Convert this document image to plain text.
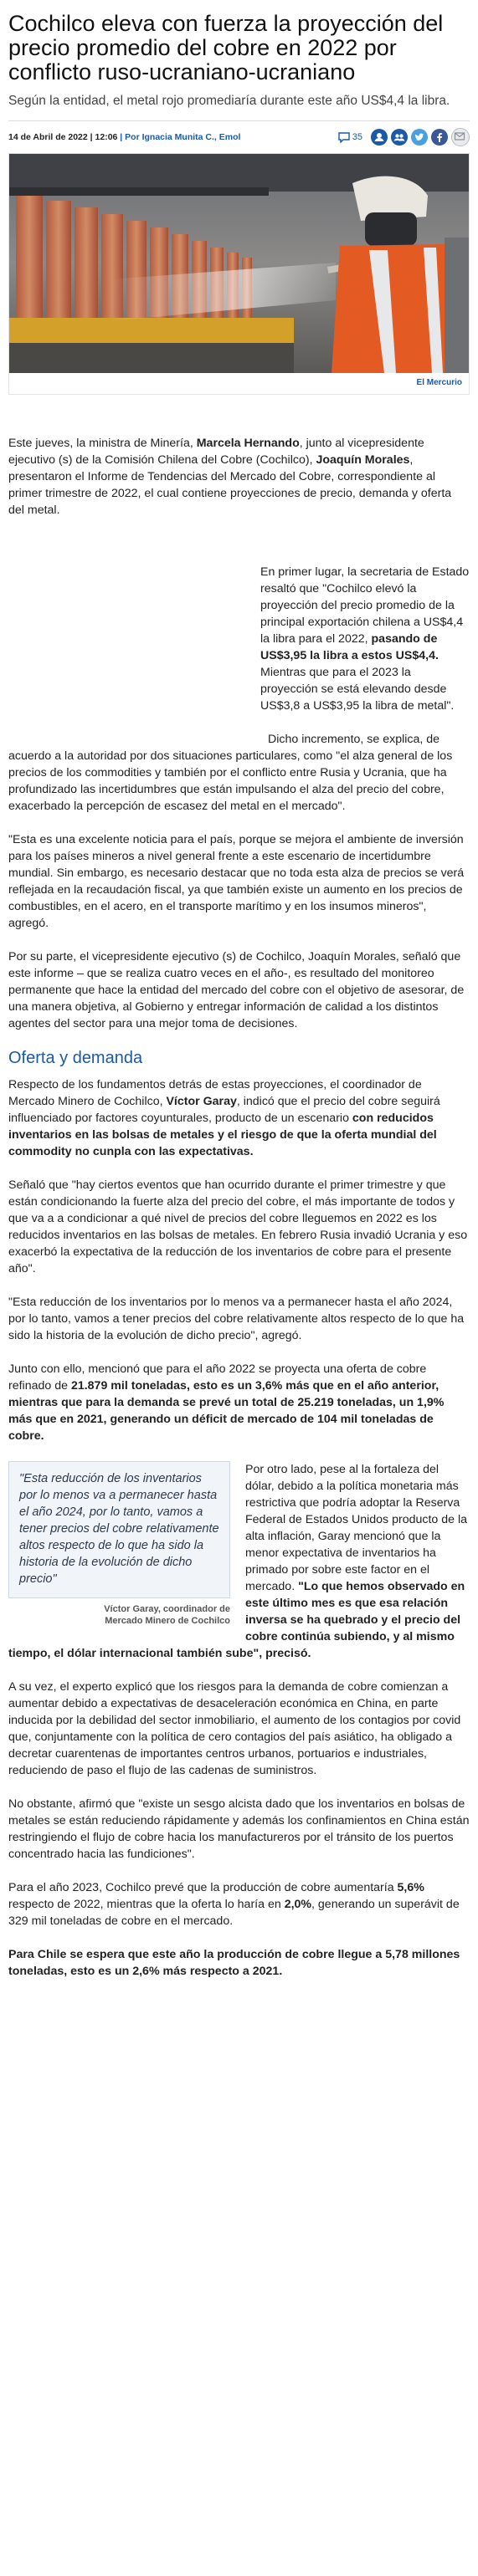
Cochilco eleva con fuerza la proyección del precio promedio del cobre en 2022 por conflicto ruso-ucraniano-ucraniano
Según la entidad, el metal rojo promediaría durante este año US$4,4 la libra.
14 de Abril de 2022 | 12:06 | Por Ignacia Munita C., Emol	35
El Mercurio

Este jueves, la ministra de Minería, Marcela Hernando, junto al vicepresidente ejecutivo (s) de la Comisión Chilena del Cobre (Cochilco), Joaquín Morales, presentaron el Informe de Tendencias del Mercado del Cobre, correspondiente al primer trimestre de 2022, el cual contiene proyecciones de precio, demanda y oferta del metal.

En primer lugar, la secretaria de Estado resaltó que "Cochilco elevó la proyección del precio promedio de la principal exportación chilena a US$4,4 la libra para el 2022, pasando de US$3,95 la libra a estos US$4,4. Mientras que para el 2023 la proyección se está elevando desde US$3,8 a US$3,95 la libra de metal".

Dicho incremento, se explica, de acuerdo a la autoridad por dos situaciones particulares, como "el alza general de los precios de los commodities y también por el conflicto entre Rusia y Ucrania, que ha profundizado las incertidumbres que están impulsando el alza del precio del cobre, exacerbado la percepción de escasez del metal en el mercado".

"Esta es una excelente noticia para el país, porque se mejora el ambiente de inversión para los países mineros a nivel general frente a este escenario de incertidumbre mundial. Sin embargo, es necesario destacar que no toda esta alza de precios se verá reflejada en la recaudación fiscal, ya que también existe un aumento en los precios de combustibles, en el acero, en el transporte marítimo y en los insumos mineros", agregó.

Por su parte, el vicepresidente ejecutivo (s) de Cochilco, Joaquín Morales, señaló que este informe – que se realiza cuatro veces en el año-, es resultado del monitoreo permanente que hace la entidad del mercado del cobre con el objetivo de asesorar, de una manera objetiva, al Gobierno y entregar información de calidad a los distintos agentes del sector para una mejor toma de decisiones.

Oferta y demanda

Respecto de los fundamentos detrás de estas proyecciones, el coordinador de Mercado Minero de Cochilco, Víctor Garay, indicó que el precio del cobre seguirá influenciado por factores coyunturales, producto de un escenario con reducidos inventarios en las bolsas de metales y el riesgo de que la oferta mundial del commodity no cunpla con las expectativas.

Señaló que "hay ciertos eventos que han ocurrido durante el primer trimestre y que están condicionando la fuerte alza del precio del cobre, el más importante de todos y que va a a condicionar a qué nivel de precios del cobre lleguemos en 2022 es los reducidos inventarios en las bolsas de metales. En febrero Rusia invadió Ucrania y eso exacerbó la expectativa de la reducción de los inventarios de cobre para el presente año".

"Esta reducción de los inventarios por lo menos va a permanecer hasta el año 2024, por lo tanto, vamos a tener precios del cobre relativamente altos respecto de lo que ha sido la historia de la evolución de dicho precio", agregó.

Junto con ello, mencionó que para el año 2022 se proyecta una oferta de cobre refinado de 21.879 mil toneladas, esto es un 3,6% más que en el año anterior, mientras que para la demanda se prevé un total de 25.219 toneladas, un 1,9% más que en 2021, generando un déficit de mercado de 104 mil toneladas de cobre.

"Esta reducción de los inventarios por lo menos va a permanecer hasta el año 2024, por lo tanto, vamos a tener precios del cobre relativamente altos respecto de lo que ha sido la historia de la evolución de dicho precio"
Víctor Garay, coordinador de
Mercado Minero de Cochilco

Por otro lado, pese al la fortaleza del dólar, debido a la política monetaria más restrictiva que podría adoptar la Reserva Federal de Estados Unidos producto de la alta inflación, Garay mencionó que la menor expectativa de inventarios ha primado por sobre este factor en el mercado. "Lo que hemos observado en este último mes es que esa relación inversa se ha quebrado y el precio del cobre continúa subiendo, y al mismo tiempo, el dólar internacional también sube", precisó.

A su vez, el experto explicó que los riesgos para la demanda de cobre comienzan a aumentar debido a expectativas de desaceleración económica en China, en parte inducida por la debilidad del sector inmobiliario, el aumento de los contagios por covid que, conjuntamente con la política de cero contagios del país asiático, ha obligado a decretar cuarentenas de importantes centros urbanos, portuarios e industriales, reduciendo de paso el flujo de las cadenas de suministros.

No obstante, afirmó que "existe un sesgo alcista dado que los inventarios en bolsas de metales se están reduciendo rápidamente y además los confinamientos en China están restringiendo el flujo de cobre hacia los manufactureros por el tránsito de los puertos concentrado hacia las fundiciones".

Para el año 2023, Cochilco prevé que la producción de cobre aumentaría 5,6% respecto de 2022, mientras que la oferta lo haría en 2,0%, generando un superávit de 329 mil toneladas de cobre en el mercado.

Para Chile se espera que este año la producción de cobre llegue a 5,78 millones toneladas, esto es un 2,6% más respecto a 2021.
